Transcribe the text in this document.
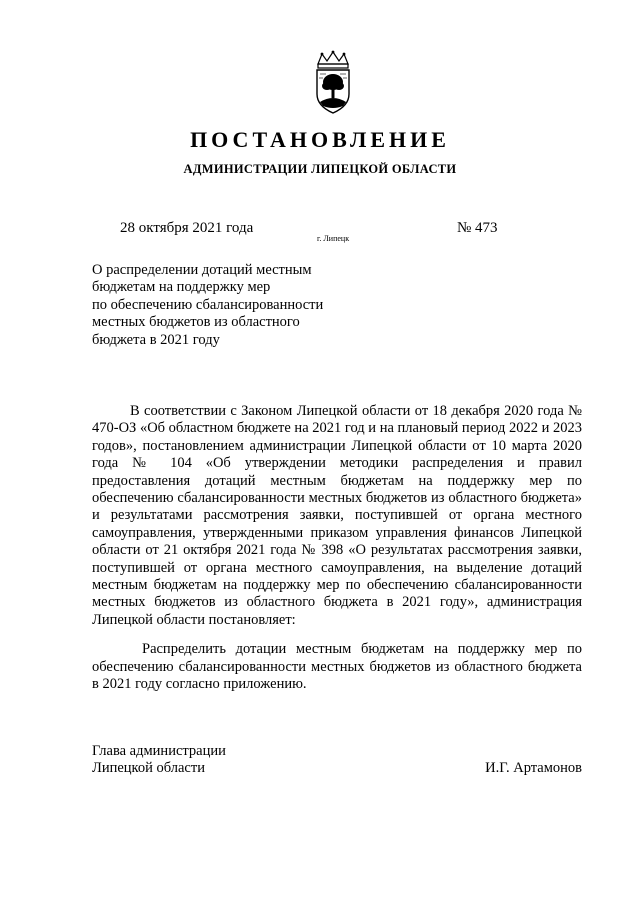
ПОСТАНОВЛЕНИЕ
АДМИНИСТРАЦИИ ЛИПЕЦКОЙ ОБЛАСТИ
28 октября 2021 года
г. Липецк
№ 473
О распределении дотаций местным
бюджетам на поддержку мер
по обеспечению сбалансированности
местных бюджетов из областного
бюджета в 2021 году

В соответствии с Законом Липецкой области от 18 декабря 2020 года № 470-ОЗ «Об областном бюджете на 2021 год и на плановый период 2022 и 2023 годов», постановлением администрации Липецкой области от 10 марта 2020 года № 104 «Об утверждении методики распределения и правил предоставления дотаций местным бюджетам на поддержку мер по обеспечению сбалансированности местных бюджетов из областного бюджета» и результатами рассмотрения заявки, поступившей от органа местного самоуправления, утвержденными приказом управления финансов Липецкой области от 21 октября 2021 года № 398 «О результатах рассмотрения заявки, поступившей от органа местного самоуправления, на выделение дотаций местным бюджетам на поддержку мер по обеспечению сбалансированности местных бюджетов из областного бюджета в 2021 году», администрация Липецкой области постановляет:

Распределить дотации местным бюджетам на поддержку мер по обеспечению сбалансированности местных бюджетов из областного бюджета в 2021 году согласно приложению.

Глава администрации
Липецкой области	И.Г. Артамонов
